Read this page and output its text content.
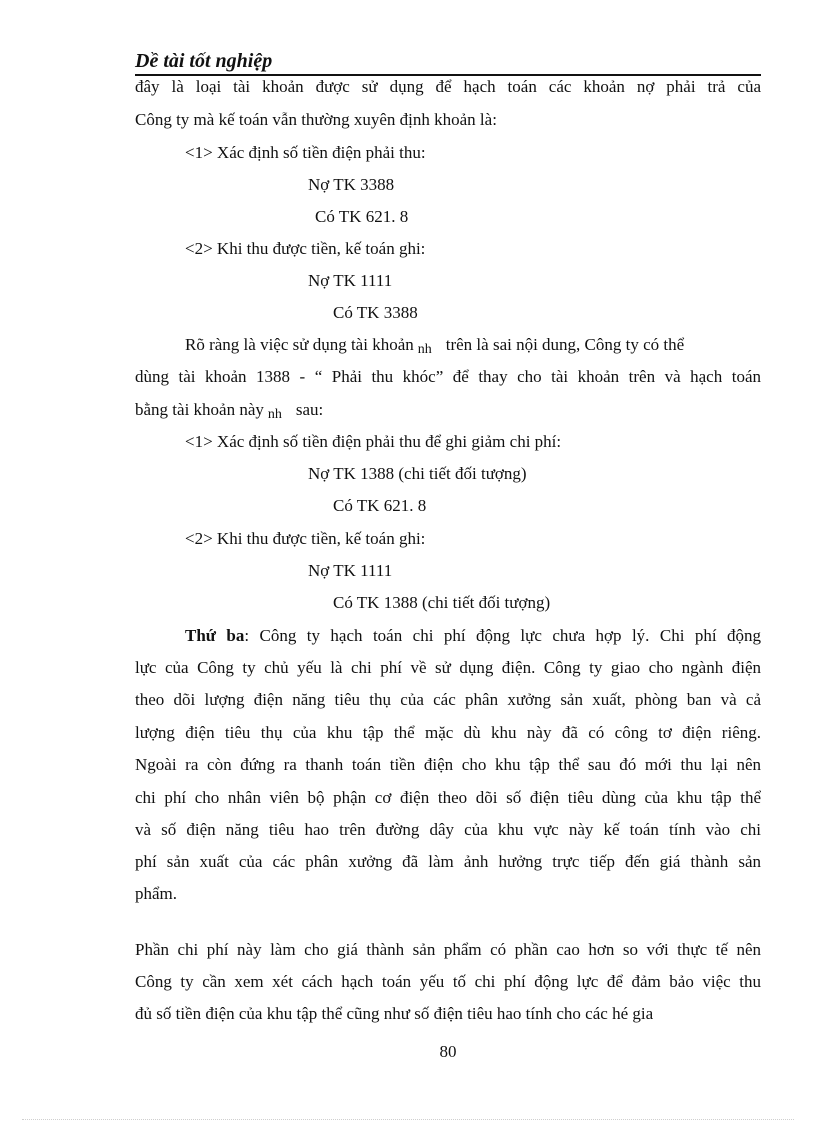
Dề tài tốt nghiệp
đây là loại tài khoản được sử dụng để hạch toán các khoản nợ phải trả của
Công ty mà kế toán vẫn thường xuyên định khoản là:
<1> Xác định số tiền điện phải thu:
Nợ TK 3388
Có TK 621. 8
<2> Khi thu được tiền, kế toán ghi:
Nợ TK 1111
Có TK 3388
Rõ ràng là việc sử dụng tài khoản nh trên là sai nội dung, Công ty có thể
dùng tài khoản 1388 - “ Phải thu khóc” để thay cho tài khoản trên và hạch toán
bằng tài khoản này nh sau:
<1> Xác định số tiền điện phải thu để ghi giảm chi phí:
Nợ TK 1388 (chi tiết đối tượng)
Có TK 621. 8
<2> Khi thu được tiền, kế toán ghi:
Nợ TK 1111
Có TK 1388 (chi tiết đối tượng)
Thứ ba: Công ty hạch toán chi phí động lực chưa hợp lý. Chi phí động
lực của Công ty chủ yếu là chi phí về sử dụng điện. Công ty giao cho ngành điện
theo dõi lượng điện năng tiêu thụ của các phân xưởng sản xuất, phòng ban và cả
lượng điện tiêu thụ của khu tập thể mặc dù khu này đã có công tơ điện riêng.
Ngoài ra còn đứng ra thanh toán tiền điện cho khu tập thể sau đó mới thu lại nên
chi phí cho nhân viên bộ phận cơ điện theo dõi số điện tiêu dùng của khu tập thể
và số điện năng tiêu hao trên đường dây của khu vực này kế toán tính vào chi
phí sản xuất của các phân xưởng đã làm ảnh hưởng trực tiếp đến giá thành sản
phẩm.
Phần chi phí này làm cho giá thành sản phẩm có phần cao hơn so với thực tế nên
Công ty cần xem xét cách hạch toán yếu tố chi phí động lực để đảm bảo việc thu
đủ số tiền điện của khu tập thể cũng như số điện tiêu hao tính cho các hé gia
80
